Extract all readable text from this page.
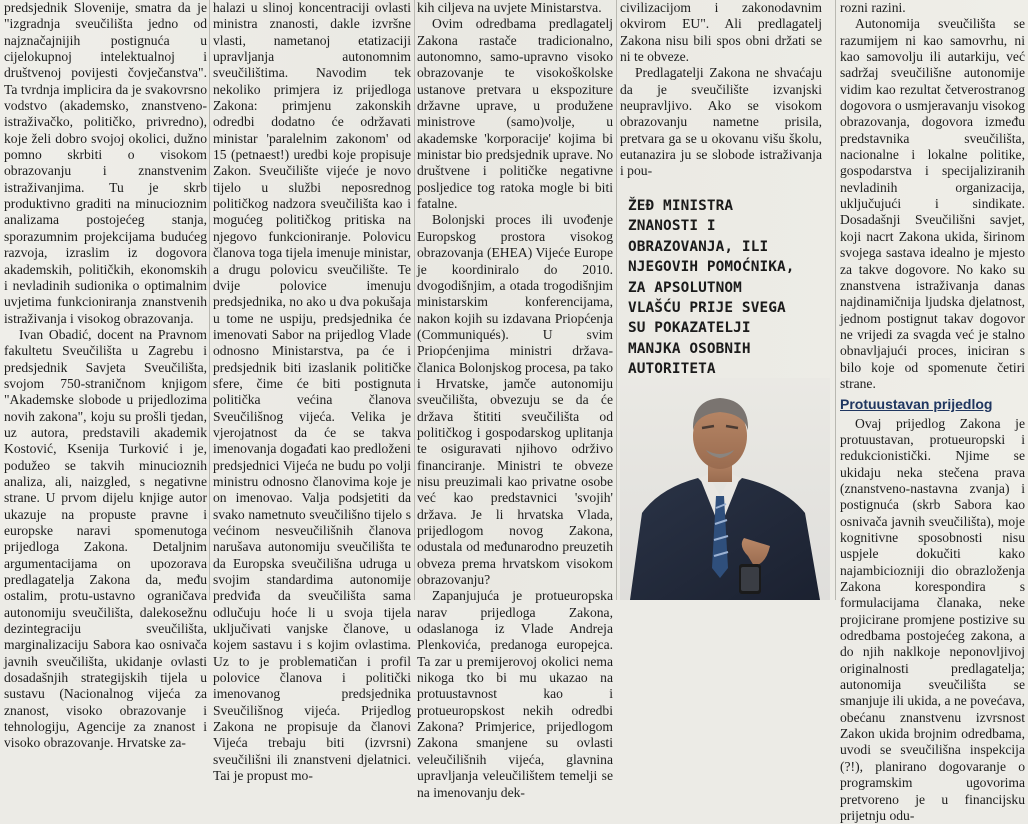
predsjednik Slovenije, smatra da je "izgradnja sveučilišta jedno od najznačajnijih postignuća u cijelokupnoj intelektualnoj i društvenoj povijesti čovječanstva". Ta tvrdnja implicira da je svakovrsno vodstvo (akademsko, znanstveno-istraživačko, političko, privredno), koje želi dobro svojoj okolici, dužno pomno skrbiti o visokom obrazovanju i znanstvenim istraživanjima. Tu je skrb produktivno graditi na minucioznim analizama postojećeg stanja, sporazumnim projekcijama budućeg razvoja, izraslim iz dogovora akademskih, političkih, ekonomskih i nevladinih sudionika o optimalnim uvjetima funkcioniranja znanstvenih istraživanja i visokog obrazovanja.

Ivan Obadić, docent na Pravnom fakultetu Sveučilišta u Zagrebu i predsjednik Savjeta Sveučilišta, svojom 750-straničnom knjigom "Akademske slobode u prijedlozima novih zakona", koju su prošli tjedan, uz autora, predstavili akademik Kostović, Ksenija Turković i je, podužeo se takvih minucioznih analiza, ali, naizgled, s negativne strane. U prvom dijelu knjige autor ukazuje na propuste pravne i europske naravi spomenutoga prijedloga Zakona. Detaljnim argumentacijama on upozorava predlagatelja Zakona da, među ostalim, protu-ustavno ograničava autonomiju sveučilišta, dalekosežnu dezintegraciju sveučilišta, marginalizaciju Sabora kao osnivača javnih sveučilišta, ukidanje ovlasti dosadašnjih strategijskih tijela u sustavu (Nacionalnog vijeća za znanost, visoko obrazovanje i tehnologiju, Agencije za znanost i visoko obrazovanje. Hrvatske za-

halazi u slinoj koncentraciji ovlasti ministra znanosti, dakle izvršne vlasti, nametanoj etatizaciji upravljanja autonomnim sveučilištima. Navodim tek nekoliko primjera iz prijedloga Zakona: primjenu zakonskih odredbi dodatno će održavati ministar 'paralelnim zakonom' od 15 (petnaest!) uredbi koje propisuje Zakon. Sveučilište vijeće je novo tijelo u službi neposrednog političkog nadzora sveučilišta kao i mogućeg političkog pritiska na njegovo funkcioniranje. Polovicu članova toga tijela imenuje ministar, a drugu polovicu sveučilište. Te dvije polovice imenuju predsjednika, no ako u dva pokušaja u tome ne uspiju, predsjednika će imenovati Sabor na prijedlog Vlade odnosno Ministarstva, pa će i predsjednik biti izaslanik političke sfere, čime će biti postignuta politička većina članova Sveučilišnog vijeća. Velika je vjerojatnost da će se takva imenovanja događati kao predloženi predsjednici Vijeća ne budu po volji ministru odnosno članovima koje je on imenovao. Valja podsjetiti da svako nametnuto sveučilišno tijelo s većinom nesveučilišnih članova narušava autonomiju sveučilišta te da Europska sveučilišna udruga u svojim standardima autonomije predviđa da sveučilišta sama odlučuju hoće li u svoja tijela uključivati vanjske članove, u kojem sastavu i s kojim ovlastima. Uz to je problematičan i profil polovice članova i politički imenovanog predsjednika Sveučilišnog vijeća. Prijedlog Zakona ne propisuje da članovi Vijeća trebaju biti (izvrsni) sveučilišni ili znanstveni djelatnici. Tai je propust mo-

kih ciljeva na uvjete Ministarstva.

Ovim odredbama predlagatelj Zakona rastače tradicionalno, autonomno, samo-upravno visoko obrazovanje te visokoškolske ustanove pretvara u ekspoziture državne uprave, u produžene ministrove (samo)volje, u akademske 'korporacije' kojima bi ministar bio predsjednik uprave. No društvene i političke negativne posljedice tog ratoka mogle bi biti fatalne.

Bolonjski proces ili uvođenje Europskog prostora visokog obrazovanja (EHEA) Vijeće Europe je koordiniralo do 2010. dvogodišnjim, a otada trogodišnjim ministarskim konferencijama, nakon kojih su izdavana Priopćenja (Communiqués). U svim Priopćenjima ministri država-članica Bolonjskog procesa, pa tako i Hrvatske, jamče autonomiju sveučilišta, obvezuju se da će država štititi sveučilišta od političkog i gospodarskog uplitanja te osiguravati njihovo održivo financiranje. Ministri te obveze nisu preuzimali kao privatne osobe već kao predstavnici 'svojih' država. Je li hrvatska Vlada, prijedlogom novog Zakona, odustala od međunarodno preuzetih obveza prema hrvatskom visokom obrazovanju?

Zapanjujuća je protueuropska narav prijedloga Zakona, odaslanoga iz Vlade Andreja Plenkovića, predanoga europejca. Ta zar u premijerovoj okolici nema nikoga tko bi mu ukazao na protuustavnost kao i protueuropskost nekih odredbi Zakona? Primjerice, prijedlogom Zakona smanjene su ovlasti veleučilišnih vijeća, glavnina upravljanja veleučilištem temelji se na imenovanju dek-

civilizacijom i zakonodavnim okvirom EU". Ali predlagatelj Zakona nisu bili spos obni držati se ni te obveze.

Predlagatelji Zakona ne shvaćaju da je sveučilište izvanjski neupravljivo. Ako se visokom obrazovanju nametne prisila, pretvara ga se u okovanu višu školu, eutanazira ju se slobode istraživanja i pou-

ŽEĐ MINISTRA
ZNANOSTI I
OBRAZOVANJA, ILI
NJEGOVIH POMOĆNIKA,
ZA APSOLUTNOM
VLAŠĆU PRIJE SVEGA
SU POKAZATELJI
MANJKA OSOBNIH
AUTORITETA

rozni razini.

Autonomija sveučilišta se razumijem ni kao samovrhu, ni kao samovolju ili autarkiju, već sadržaj sveučilišne autonomije vidim kao rezultat četverostranog dogovora o usmjeravanju visokog obrazovanja, dogovora između predstavnika sveučilišta, nacionalne i lokalne politike, gospodarstva i specijaliziranih nevladinih organizacija, uključujući i sindikate. Dosadašnji Sveučilišni savjet, koji nacrt Zakona ukida, širinom svojega sastava idealno je mjesto za takve dogovore. No kako su znanstvena istraživanja danas najdinamičnija ljudska djelatnost, jednom postignut takav dogovor ne vrijedi za svagda već je stalno obnavljajući proces, iniciran s bilo koje od spomenute četiri strane.

Protuustavan prijedlog

Ovaj prijedlog Zakona je protuustavan, protueuropski i redukcionistički. Njime se ukidaju neka stečena prava (znanstveno-nastavna zvanja) i postignuća (skrb Sabora kao osnivača javnih sveučilišta), moje kognitivne sposobnosti nisu uspjele dokučiti kako najambiciozniji dio obrazloženja Zakona korespondira s formulacijama članaka, neke projicirane promjene postizive su odredbama postojećeg zakona, a do njih naklkoje neponovljivoj originalnosti predlagatelja; autonomija sveučilišta se smanjuje ili ukida, a ne povećava, obećanu znanstvenu izvrsnost Zakon ukida brojnim odredbama, uvodi se sveučilišna inspekcija (?!), planirano dogovaranje o programskim ugovorima pretvoreno je u financijsku prijetnju odu-
